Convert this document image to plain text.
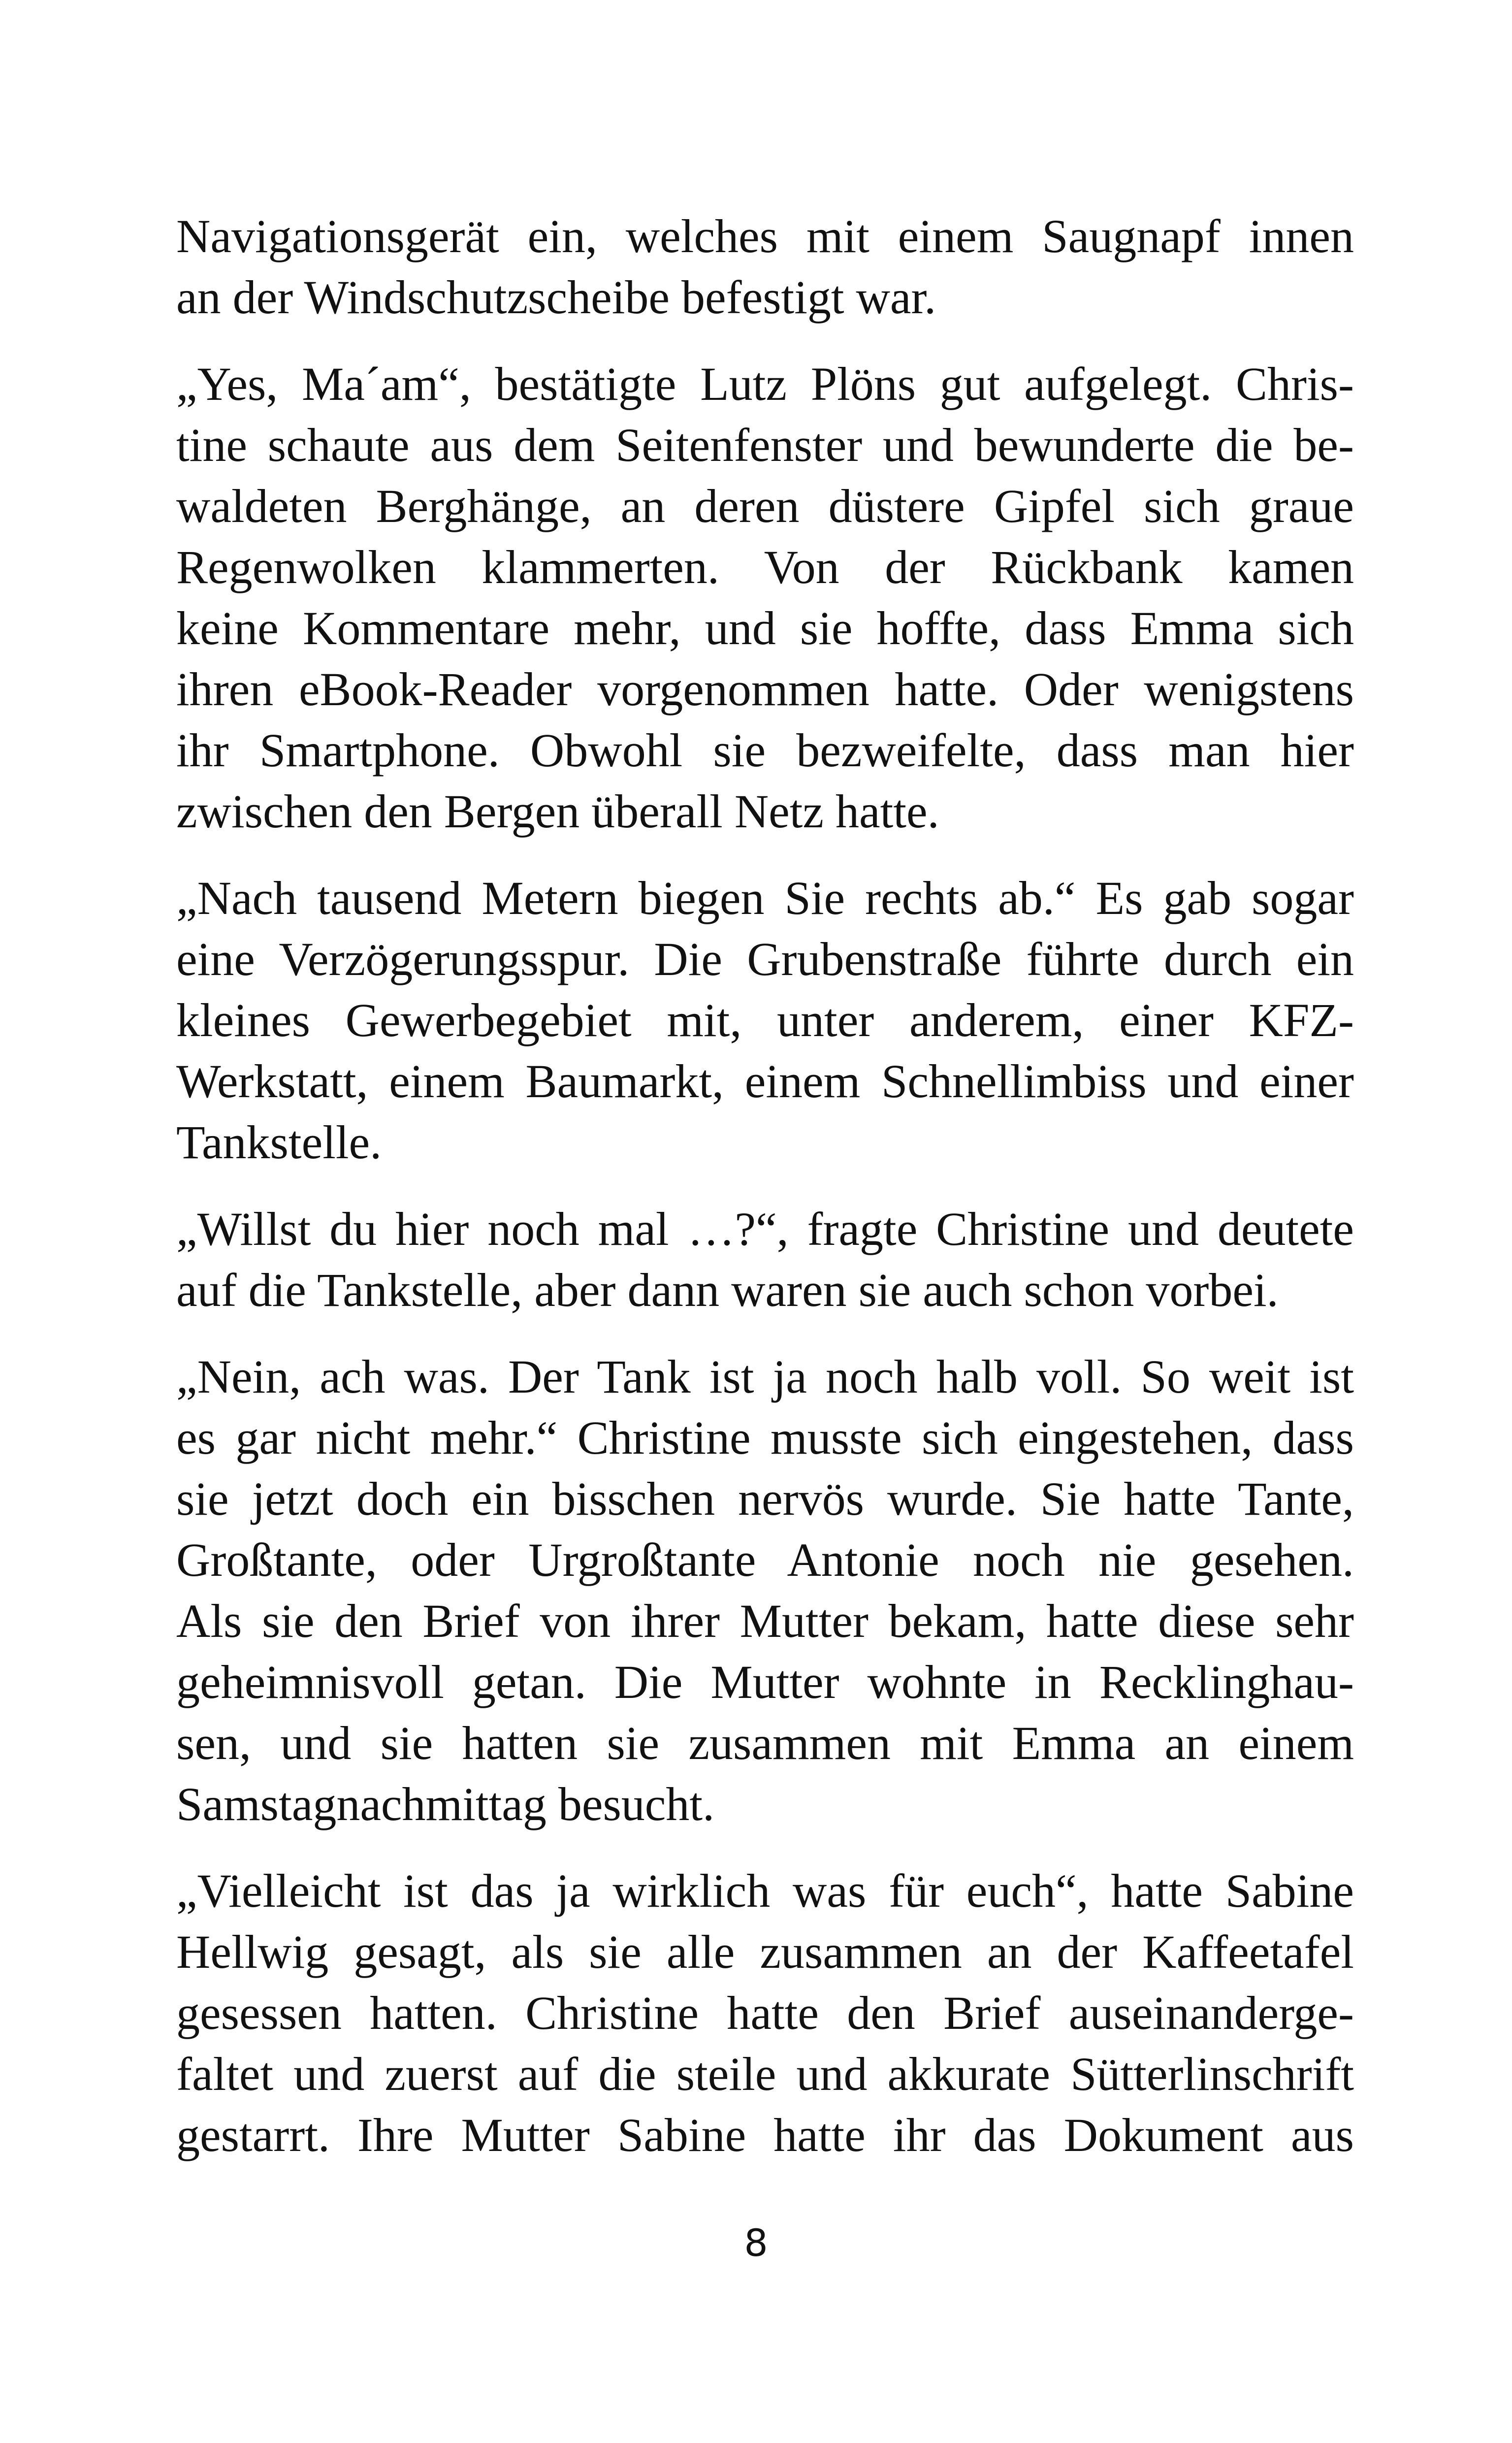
Navigationsgerät ein, welches mit einem Saugnapf innen
an der Windschutzscheibe befestigt war.
„Yes, Ma´am“, bestätigte Lutz Plöns gut aufgelegt. Chris-
tine schaute aus dem Seitenfenster und bewunderte die be-
waldeten Berghänge, an deren düstere Gipfel sich graue
Regenwolken klammerten. Von der Rückbank kamen
keine Kommentare mehr, und sie hoffte, dass Emma sich
ihren eBook-Reader vorgenommen hatte. Oder wenigstens
ihr Smartphone. Obwohl sie bezweifelte, dass man hier
zwischen den Bergen überall Netz hatte.
„Nach tausend Metern biegen Sie rechts ab.“ Es gab sogar
eine Verzögerungsspur. Die Grubenstraße führte durch ein
kleines Gewerbegebiet mit, unter anderem, einer KFZ-
Werkstatt, einem Baumarkt, einem Schnellimbiss und einer
Tankstelle.
„Willst du hier noch mal …?“, fragte Christine und deutete
auf die Tankstelle, aber dann waren sie auch schon vorbei.
„Nein, ach was. Der Tank ist ja noch halb voll. So weit ist
es gar nicht mehr.“ Christine musste sich eingestehen, dass
sie jetzt doch ein bisschen nervös wurde. Sie hatte Tante,
Großtante, oder Urgroßtante Antonie noch nie gesehen.
Als sie den Brief von ihrer Mutter bekam, hatte diese sehr
geheimnisvoll getan. Die Mutter wohnte in Recklinghau-
sen, und sie hatten sie zusammen mit Emma an einem
Samstagnachmittag besucht.
„Vielleicht ist das ja wirklich was für euch“, hatte Sabine
Hellwig gesagt, als sie alle zusammen an der Kaffeetafel
gesessen hatten. Christine hatte den Brief auseinanderge-
faltet und zuerst auf die steile und akkurate Sütterlinschrift
gestarrt. Ihre Mutter Sabine hatte ihr das Dokument aus
8
